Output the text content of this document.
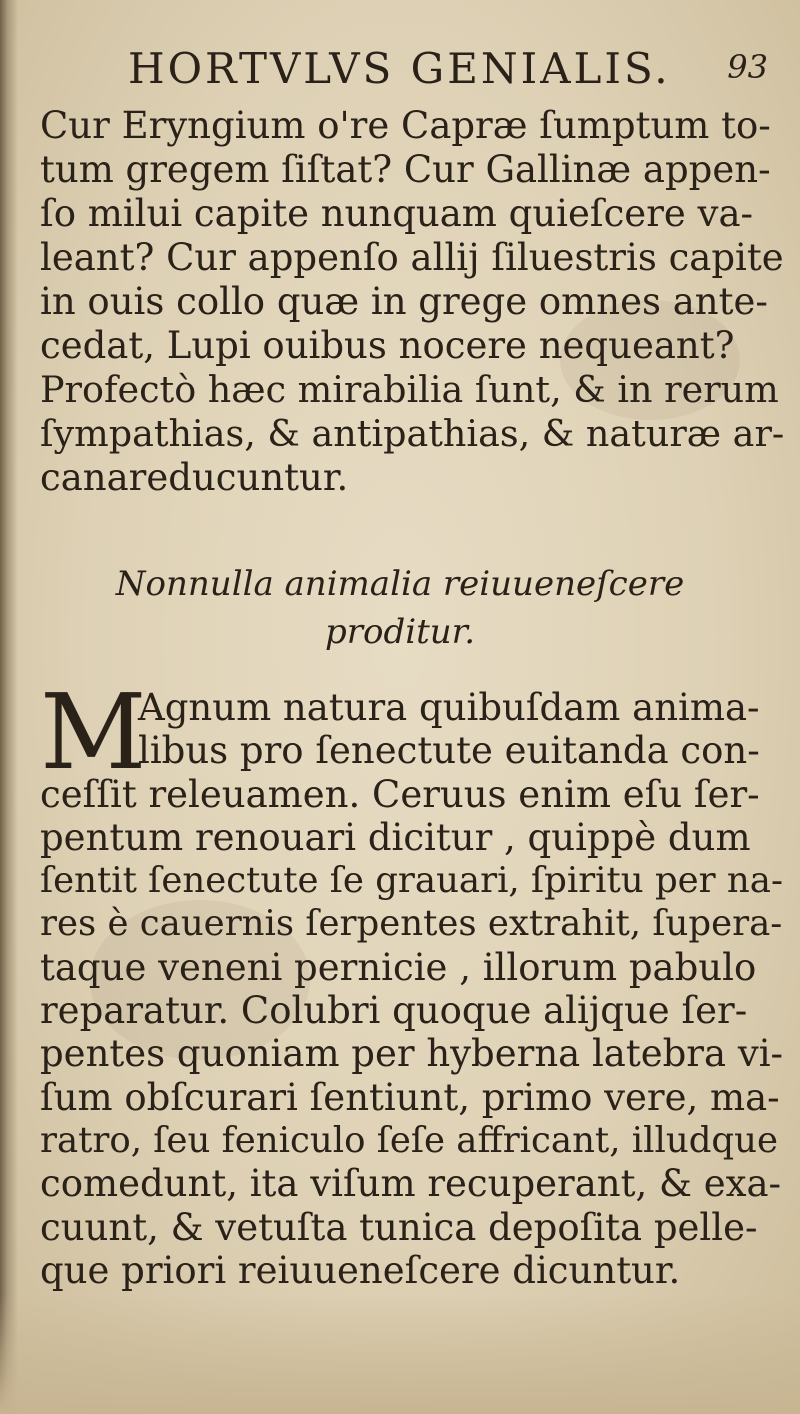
HORTVLVS GENIALIS. 93
Cur Eryngium o're Capræ ſumptum to-
tum gregem ſiſtat? Cur Gallinæ appen-
ſo milui capite nunquam quieſcere va-
leant? Cur appenſo allij ſiluestris capite
in ouis collo quæ in grege omnes ante-
cedat, Lupi ouibus nocere nequeant?
Profectò hæc mirabilia ſunt, & in rerum
ſympathias, & antipathias, & naturæ ar-
canareducuntur.
Nonnulla animalia reiuueneſcere
proditur.
M
Agnum natura quibuſdam anima-
libus pro ſenectute euitanda con-
ceſſit releuamen. Ceruus enim eſu ſer-
pentum renouari dicitur , quippè dum
ſentit ſenectute ſe grauari, ſpiritu per na-
res è cauernis ſerpentes extrahit, ſupera-
taque veneni pernicie , illorum pabulo
reparatur. Colubri quoque alijque ſer-
pentes quoniam per hyberna latebra vi-
ſum obſcurari ſentiunt, primo vere, ma-
ratro, ſeu feniculo ſeſe affricant, illudque
comedunt, ita viſum recuperant, & exa-
cuunt, & vetuſta tunica depoſita pelle-
que priori reiuueneſcere dicuntur.
